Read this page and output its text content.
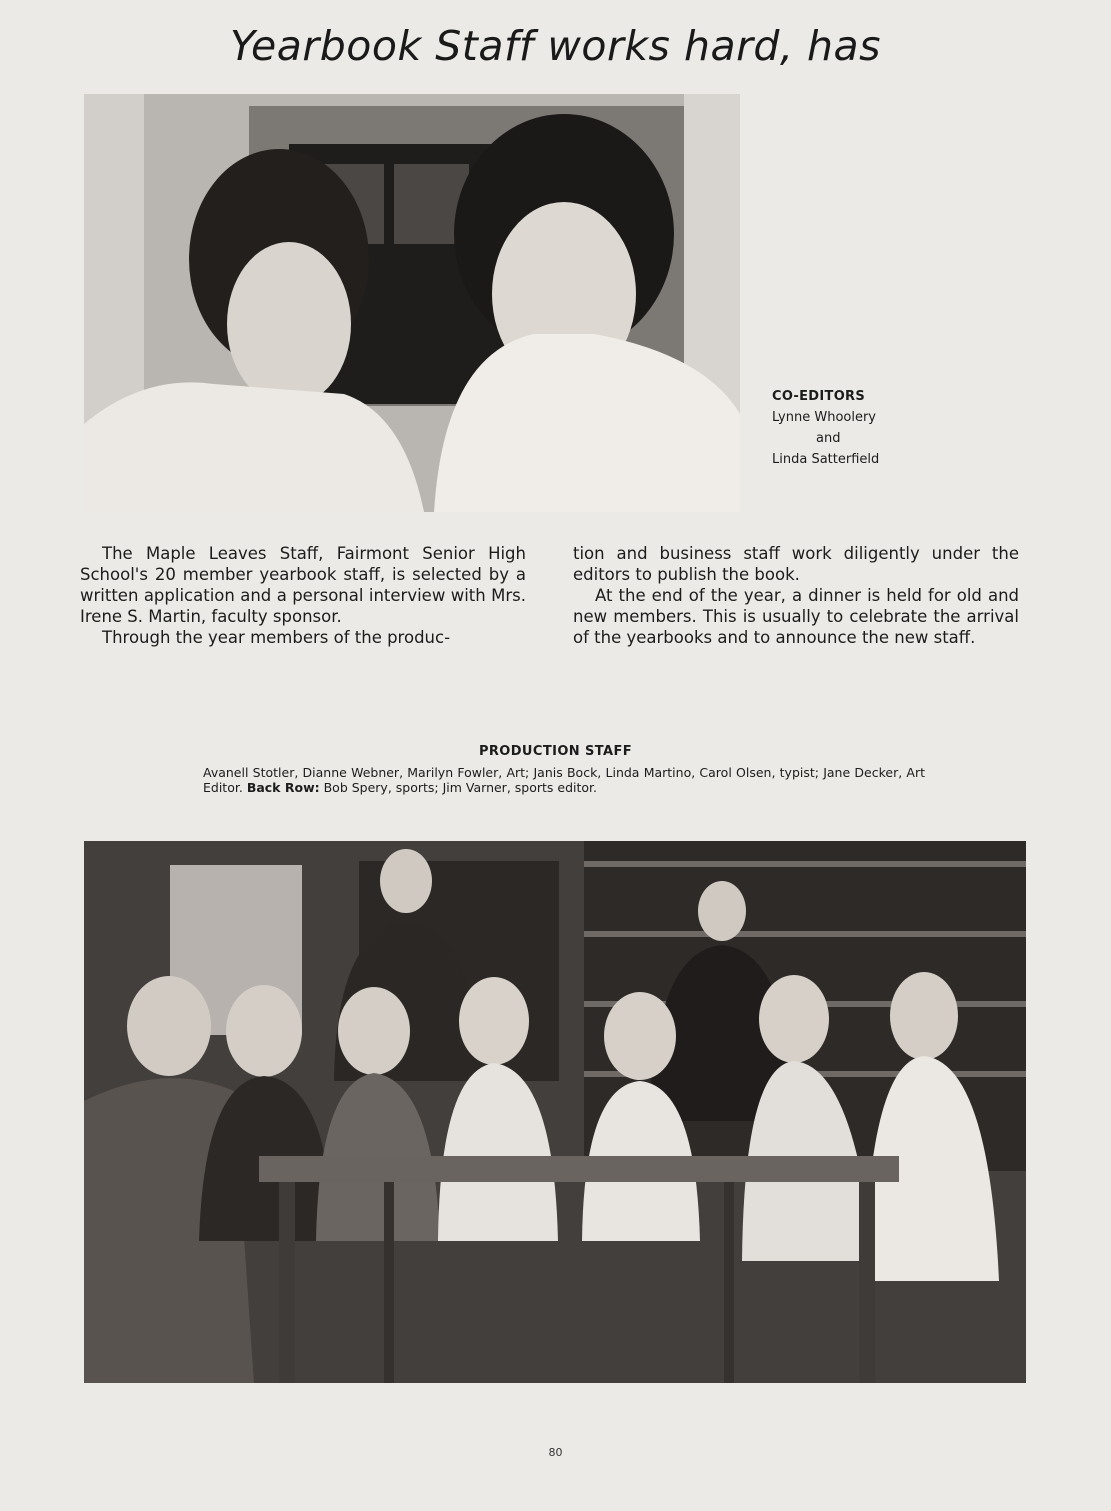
Yearbook Staff works hard, has
CO-EDITORS
Lynne Whoolery
and
Linda Satterfield

The Maple Leaves Staff, Fairmont Senior High School's 20 member yearbook staff, is selected by a written application and a personal interview with Mrs. Irene S. Martin, faculty sponsor.

Through the year members of the produc-

tion and business staff work diligently under the editors to publish the book.

At the end of the year, a dinner is held for old and new members. This is usually to celebrate the arrival of the yearbooks and to announce the new staff.

PRODUCTION STAFF
Avanell Stotler, Dianne Webner, Marilyn Fowler, Art; Janis Bock, Linda Martino, Carol Olsen, typist; Jane Decker, Art Editor. Back Row: Bob Spery, sports; Jim Varner, sports editor.
80
